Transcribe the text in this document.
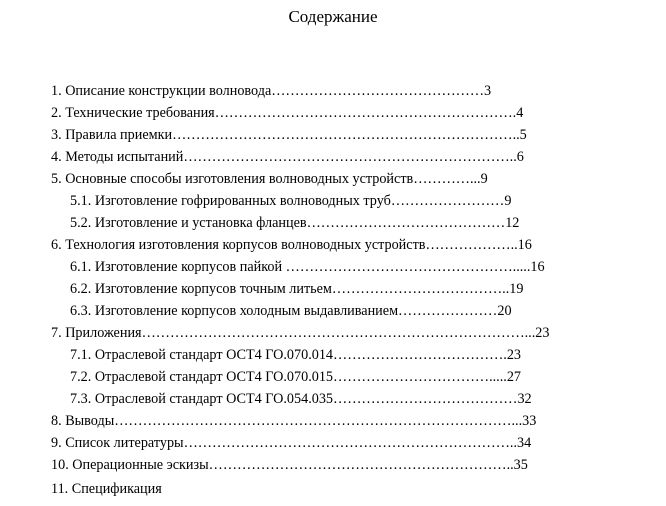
Содержание
1. Описание конструкции волновода………………………………………3
2. Технические требования……………………………………………………….4
3. Правила приемки………………………………………………………………..5
4. Методы испытаний……………………………………………………………..6
5. Основные способы изготовления волноводных устройств…………...9
5.1. Изготовление гофрированных волноводных труб……………………9
5.2. Изготовление и установка фланцев……………………………………12
6. Технология изготовления корпусов волноводных устройств………………..16
6.1. Изготовление корпусов пайкой ………………………………………….....16
6.2. Изготовление корпусов точным литьем………………………………..19
6.3. Изготовление корпусов холодным выдавливанием…………………20
7. Приложения………………………………………………………………………...23
7.1. Отраслевой стандарт ОСТ4 ГО.070.014……………………………….23
7.2. Отраслевой стандарт ОСТ4 ГО.070.015…………………………….....27
7.3. Отраслевой стандарт ОСТ4 ГО.054.035…………………………………32
8. Выводы…………………………………………………………………………...33
9. Список литературы……………………………………………………………..34
10. Операционные эскизы………………………………………………………..35
11. Спецификация
